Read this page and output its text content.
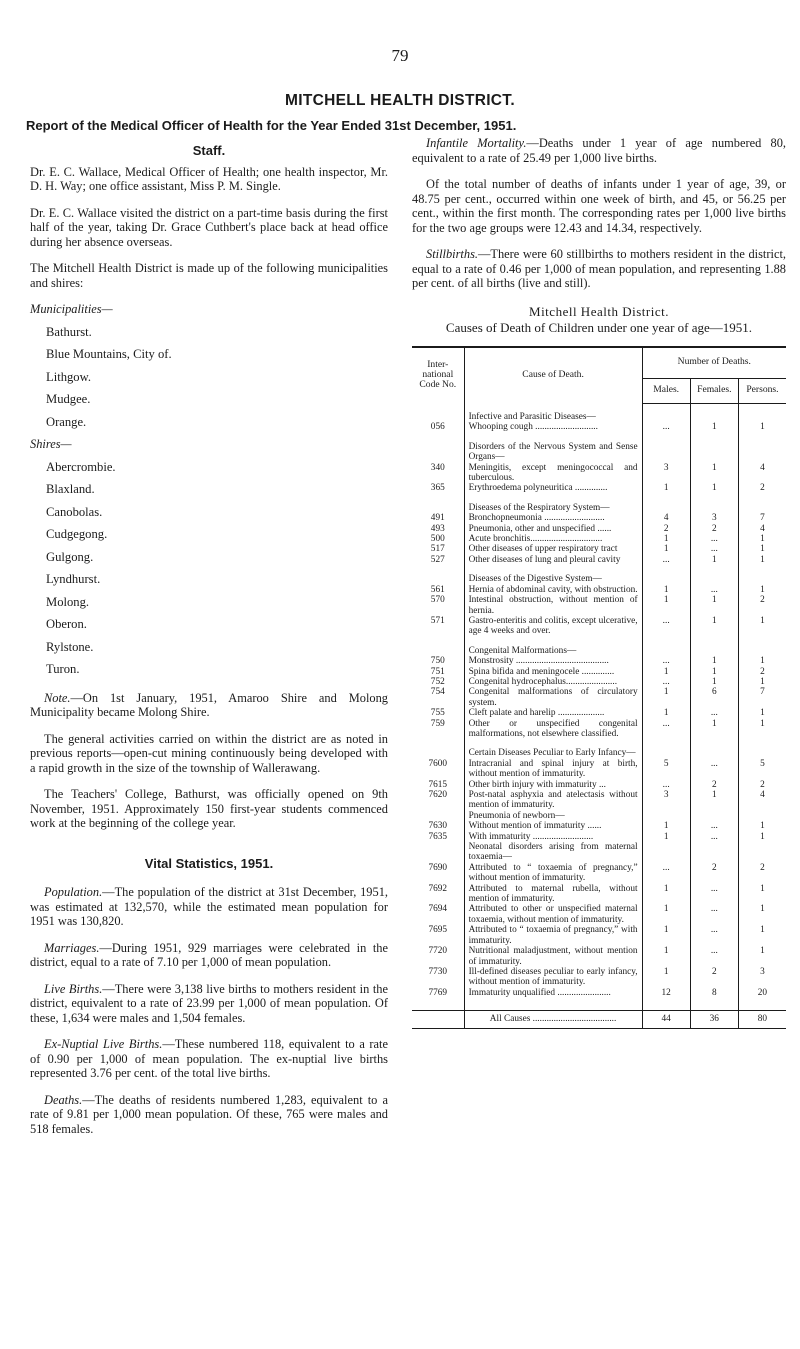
79
MITCHELL HEALTH DISTRICT.
Report of the Medical Officer of Health for the Year Ended 31st December, 1951.
Staff.

Dr. E. C. Wallace, Medical Officer of Health; one health inspector, Mr. D. H. Way; one office assistant, Miss P. M. Single.

Dr. E. C. Wallace visited the district on a part-time basis during the first half of the year, taking Dr. Grace Cuthbert's place back at head office during her absence overseas.

The Mitchell Health District is made up of the following municipalities and shires:

Municipalities—
Bathurst.
Blue Mountains, City of.
Lithgow.
Mudgee.
Orange.
Shires—
Abercrombie.
Blaxland.
Canobolas.
Cudgegong.
Gulgong.
Lyndhurst.
Molong.
Oberon.
Rylstone.
Turon.

Note.—On 1st January, 1951, Amaroo Shire and Molong Municipality became Molong Shire.

The general activities carried on within the district are as noted in previous reports—open-cut mining continuously being developed with a rapid growth in the size of the township of Wallerawang.

The Teachers' College, Bathurst, was officially opened on 9th November, 1951. Approximately 150 first-year students commenced work at the beginning of the college year.

Vital Statistics, 1951.

Population.—The population of the district at 31st December, 1951, was estimated at 132,570, while the estimated mean population for 1951 was 130,820.

Marriages.—During 1951, 929 marriages were celebrated in the district, equal to a rate of 7.10 per 1,000 of mean population.

Live Births.—There were 3,138 live births to mothers resident in the district, equivalent to a rate of 23.99 per 1,000 of mean population. Of these, 1,634 were males and 1,504 females.

Ex-Nuptial Live Births.—These numbered 118, equivalent to a rate of 0.90 per 1,000 of mean population. The ex-nuptial live births represented 3.76 per cent. of the total live births.

Deaths.—The deaths of residents numbered 1,283, equivalent to a rate of 9.81 per 1,000 mean population. Of these, 765 were males and 518 females.

Infantile Mortality.—Deaths under 1 year of age numbered 80, equivalent to a rate of 25.49 per 1,000 live births.

Of the total number of deaths of infants under 1 year of age, 39, or 48.75 per cent., occurred within one week of birth, and 45, or 56.25 per cent., within the first month. The corresponding rates per 1,000 live births for the two age groups were 12.43 and 14.34, respectively.

Stillbirths.—There were 60 stillbirths to mothers resident in the district, equal to a rate of 0.46 per 1,000 of mean population, and representing 1.88 per cent. of all births (live and still).

Mitchell Health District.
Causes of Death of Children under one year of age—1951.
Inter-national Code No.	Cause of Death.	Number of Deaths.		
		Males.	Females.	Persons.
	Infective and Parasitic Diseases—			
056	Whooping cough ...........................	...	1	1
	Disorders of the Nervous System and Sense Organs—			
340	Meningitis, except meningococcal and tuberculous.	3	1	4
365	Erythroedema polyneuritica ..............	1	1	2
	Diseases of the Respiratory System—			
491	Bronchopneumonia ..........................	4	3	7
493	Pneumonia, other and unspecified ......	2	2	4
500	Acute bronchitis...............................	1	...	1
517	Other diseases of upper respiratory tract	1	...	1
527	Other diseases of lung and pleural cavity	...	1	1
	Diseases of the Digestive System—			
561	Hernia of abdominal cavity, with obstruction.	1	...	1
570	Intestinal obstruction, without mention of hernia.	1	1	2
571	Gastro-enteritis and colitis, except ulcerative, age 4 weeks and over.	...	1	1
	Congenital Malformations—			
750	Monstrosity ........................................	...	1	1
751	Spina bifida and meningocele ..............	1	1	2
752	Congenital hydrocephalus......................	...	1	1
754	Congenital malformations of circulatory system.	1	6	7
755	Cleft palate and harelip ....................	1	...	1
759	Other or unspecified congenital malformations, not elsewhere classified.	...	1	1
	Certain Diseases Peculiar to Early Infancy—			
7600	Intracranial and spinal injury at birth, without mention of immaturity.	5	...	5
7615	Other birth injury with immaturity ...	...	2	2
7620	Post-natal asphyxia and atelectasis without mention of immaturity.	3	1	4
	Pneumonia of newborn—			
7630	Without mention of immaturity ......	1	...	1
7635	With immaturity ..........................	1	...	1
	Neonatal disorders arising from maternal toxaemia—			
7690	Attributed to “ toxaemia of pregnancy,” without mention of immaturity.	...	2	2
7692	Attributed to maternal rubella, without mention of immaturity.	1	...	1
7694	Attributed to other or unspecified maternal toxaemia, without mention of immaturity.	1	...	1
7695	Attributed to “ toxaemia of pregnancy,” with immaturity.	1	...	1
7720	Nutritional maladjustment, without mention of immaturity.	1	...	1
7730	Ill-defined diseases peculiar to early infancy, without mention of immaturity.	1	2	3
7769	Immaturity unqualified .......................	12	8	20

	All Causes ....................................	44	36	80
